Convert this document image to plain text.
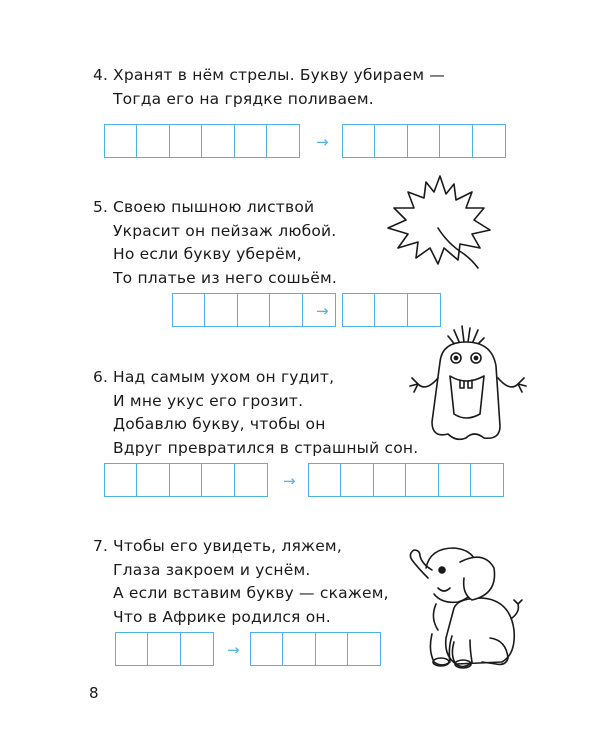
4. Хранят в нём стрелы. Букву убираем —
Тогда его на грядке поливаем.
→
5. Своею пышною листвой
Украсит он пейзаж любой.
Но если букву уберём,
То платье из него сошьём.
→
6. Над самым ухом он гудит,
И мне укус его грозит.
Добавлю букву, чтобы он
Вдруг превратился в страшный сон.
→
7. Чтобы его увидеть, ляжем,
Глаза закроем и уснём.
А если вставим букву — скажем,
Что в Африке родился он.
→
8
